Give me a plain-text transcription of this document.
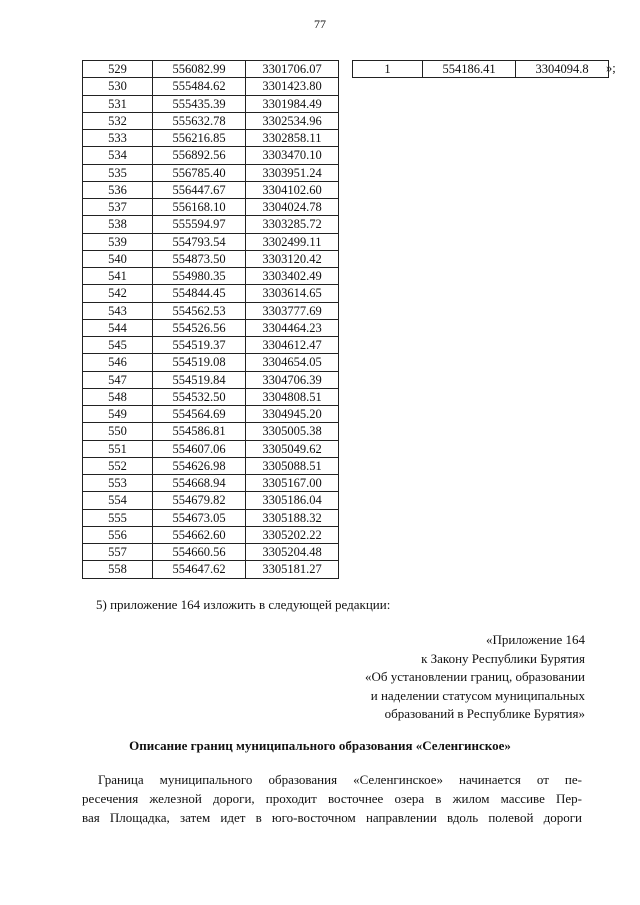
77
529	556082.99	3301706.07
530	555484.62	3301423.80
531	555435.39	3301984.49
532	555632.78	3302534.96
533	556216.85	3302858.11
534	556892.56	3303470.10
535	556785.40	3303951.24
536	556447.67	3304102.60
537	556168.10	3304024.78
538	555594.97	3303285.72
539	554793.54	3302499.11
540	554873.50	3303120.42
541	554980.35	3303402.49
542	554844.45	3303614.65
543	554562.53	3303777.69
544	554526.56	3304464.23
545	554519.37	3304612.47
546	554519.08	3304654.05
547	554519.84	3304706.39
548	554532.50	3304808.51
549	554564.69	3304945.20
550	554586.81	3305005.38
551	554607.06	3305049.62
552	554626.98	3305088.51
553	554668.94	3305167.00
554	554679.82	3305186.04
555	554673.05	3305188.32
556	554662.60	3305202.22
557	554660.56	3305204.48
558	554647.62	3305181.27
1	554186.41	3304094.8 »;
5) приложение 164 изложить в следующей редакции:
«Приложение 164
к Закону Республики Бурятия
«Об установлении границ, образовании
и наделении статусом муниципальных
образований в Республике Бурятия»
Описание границ муниципального образования «Селенгинское»
Граница муниципального образования «Селенгинское» начинается от пе-
ресечения железной дороги, проходит восточнее озера в жилом массиве Пер-
вая Площадка, затем идет в юго-восточном направлении вдоль полевой дороги
